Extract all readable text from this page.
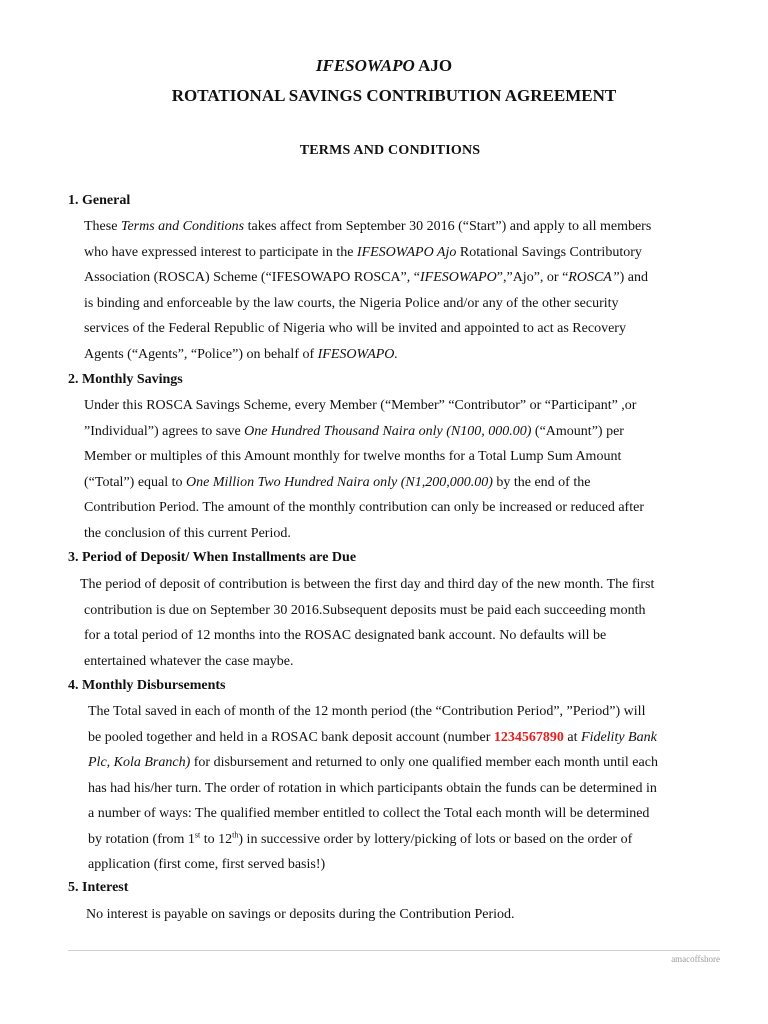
IFESOWAPO AJO
ROTATIONAL SAVINGS CONTRIBUTION AGREEMENT
TERMS AND CONDITIONS
1. General
These Terms and Conditions takes affect from September 30 2016 (“Start”) and apply to all members
who have expressed interest to participate in the IFESOWAPO Ajo Rotational Savings Contributory
Association (ROSCA) Scheme (“IFESOWAPO ROSCA”, “IFESOWAPO”,”Ajo”, or “ROSCA”) and
is binding and enforceable by the law courts, the Nigeria Police and/or any of the other security
services of the Federal Republic of Nigeria who will be invited and appointed to act as Recovery
Agents (“Agents”, “Police”) on behalf of IFESOWAPO.
2. Monthly Savings
Under this ROSCA Savings Scheme, every Member (“Member” “Contributor” or “Participant” ,or
”Individual”) agrees to save One Hundred Thousand Naira only (N100, 000.00) (“Amount”) per
Member or multiples of this Amount monthly for twelve months for a Total Lump Sum Amount
(“Total”) equal to One Million Two Hundred Naira only (N1,200,000.00) by the end of the
Contribution Period. The amount of the monthly contribution can only be increased or reduced after
the conclusion of this current Period.
3. Period of Deposit/ When Installments are Due
The period of deposit of contribution is between the first day and third day of the new month. The first
contribution is due on September 30 2016.Subsequent deposits must be paid each succeeding month
for a total period of 12 months into the ROSAC designated bank account. No defaults will be
entertained whatever the case maybe.
4. Monthly Disbursements
The Total saved in each of month of the 12 month period (the “Contribution Period”, ”Period”) will
be pooled together and held in a ROSAC bank deposit account (number 1234567890 at Fidelity Bank
Plc, Kola Branch) for disbursement and returned to only one qualified member each month until each
has had his/her turn. The order of rotation in which participants obtain the funds can be determined in
a number of ways: The qualified member entitled to collect the Total each month will be determined
by rotation (from 1st to 12th) in successive order by lottery/picking of lots or based on the order of
application (first come, first served basis!)
5. Interest
No interest is payable on savings or deposits during the Contribution Period.
amacoffshore
